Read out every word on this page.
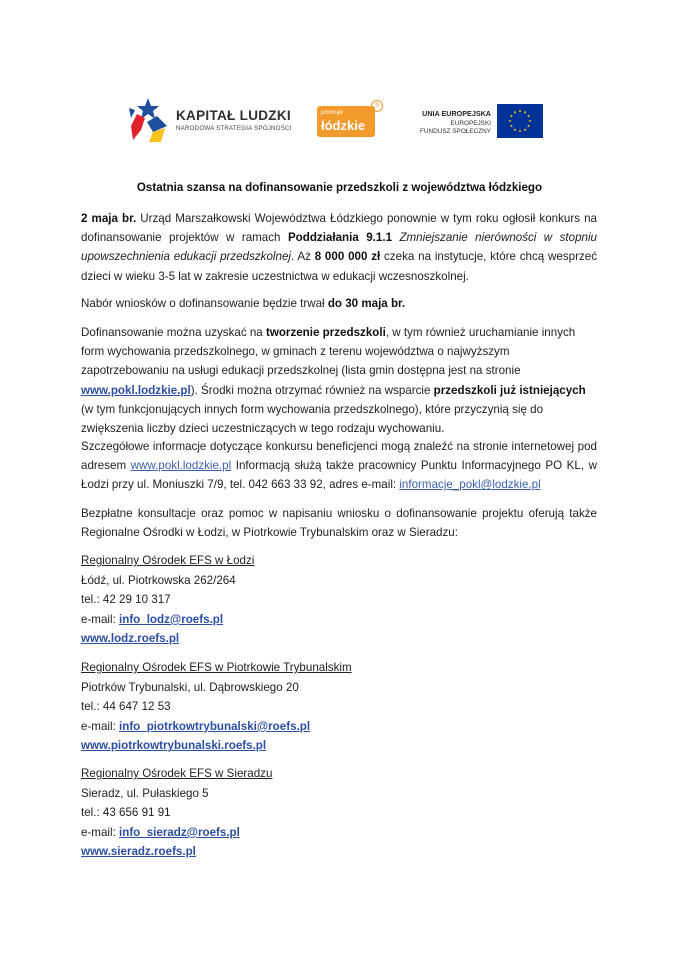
KAPITAŁ LUDZKI
NARODOWA STRATEGIA SPÓJNOŚCI
promuje
łódzkie
®
UNIA EUROPEJSKA
EUROPEJSKI
FUNDUSZ SPOŁECZNY
Ostatnia szansa na dofinansowanie przedszkoli z województwa łódzkiego
2 maja br. Urząd Marszałkowski Województwa Łódzkiego ponownie w tym roku ogłosił konkurs na dofinansowanie projektów w ramach Poddziałania 9.1.1 Zmniejszanie nierówności w stopniu upowszechnienia edukacji przedszkolnej. Aż 8 000 000 zł czeka na instytucje, które chcą wesprzeć dzieci w wieku 3-5 lat w zakresie uczestnictwa w edukacji wczesnoszkolnej.
Nabór wniosków o dofinansowanie będzie trwał do 30 maja br.
Dofinansowanie można uzyskać na tworzenie przedszkoli, w tym również uruchamianie innych form wychowania przedszkolnego, w gminach z terenu województwa o najwyższym zapotrzebowaniu na usługi edukacji przedszkolnej (lista gmin dostępna jest na stronie www.pokl.lodzkie.pl). Środki można otrzymać również na wsparcie przedszkoli już istniejących (w tym funkcjonujących innych form wychowania przedszkolnego), które przyczynią się do zwiększenia liczby dzieci uczestniczących w tego rodzaju wychowaniu.
Szczegółowe informacje dotyczące konkursu beneficjenci mogą znaleźć na stronie internetowej pod adresem www.pokl.lodzkie.pl Informacją służą także pracownicy Punktu Informacyjnego PO KL, w Łodzi przy ul. Moniuszki 7/9, tel. 042 663 33 92, adres e-mail: informacje_pokl@lodzkie.pl
Bezpłatne konsultacje oraz pomoc w napisaniu wniosku o dofinansowanie projektu oferują także Regionalne Ośrodki w Łodzi, w Piotrkowie Trybunalskim oraz w Sieradzu:
Regionalny Ośrodek EFS w Łodzi
Łódź, ul. Piotrkowska 262/264
tel.: 42 29 10 317
e-mail: info_lodz@roefs.pl
www.lodz.roefs.pl
Regionalny Ośrodek EFS w Piotrkowie Trybunalskim
Piotrków Trybunalski, ul. Dąbrowskiego 20
tel.: 44 647 12 53
e-mail: info_piotrkowtrybunalski@roefs.pl
www.piotrkowtrybunalski.roefs.pl
Regionalny Ośrodek EFS w Sieradzu
Sieradz, ul. Pułaskiego 5
tel.: 43 656 91 91
e-mail: info_sieradz@roefs.pl
www.sieradz.roefs.pl
